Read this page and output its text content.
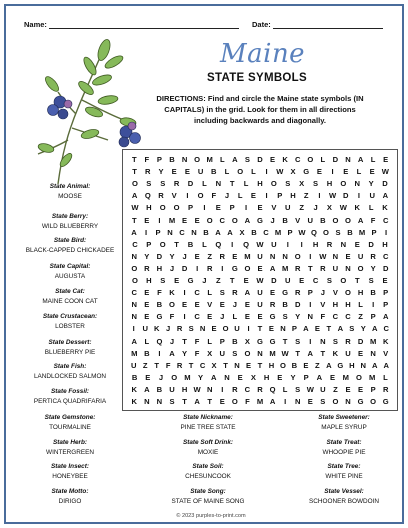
Name:	Date:
Maine
STATE SYMBOLS
DIRECTIONS: Find and circle the Maine state symbols (IN CAPITALS) in the grid. Look for them in all directions including backwards and diagonally.
T	F	P B N O M L A S D E K C O L D N A L	E
T	R	Y	E	E	U	B	L	O	L	I	W X	G	E	I	E	L	E W
O	S	S	R	D	L	N	T	L	H	O	S	X	S	H	O	N	Y	D
A Q R	V	I	O	F	J	L	E	I	P	H	Z	I	W D	I	U	A
W H	O	O	P	I	E	P	I	E	V	U	Z	J	X	W K	L	K
T	E	I	M E E O C O A G J	B V U B O O A F C
A	I	P N C N B A A X B C M P W Q O S B M P	I
C	P	O	T	B	L	Q	I	Q W U	I	I	H	R	N	E	D	H
N Y D Y	J	E	Z R E M U N N O	I	W N E U R C
O R H	J	D	I	R	I	G O E A M R T R U N O Y D
O	H	S	E	G	J	Z	T	E	W D	U	E	C	S	O	T	S	E
C E	F K	I	C L	S R A U E G R P	J	V O H B P
N E B O E E V E	J	E U R B D	I	V H H L	I	P
N E G F	I	C E	J	L	E E G S Y N F C C Z	P A
I	U K J R S N E O U	I	T E N P A E T A S Y A C
A L Q J	T	F	L	P B X G G T	S	I	N S R D M K
M B	I	A Y	F	X U S O N M W T A T K U E N V
U Z T F R T C X T N E T H O B E Z A G H N A A
B	E	J	O M Y	A	N	E	X	H	E	Y	P	A	E M O M	L
K A B U H W N	I	R C R Q L	S W U Z	E E P R
K N N S	T A T	E O F M A	I	N E S O N G O G
State Animal:
MOOSE
State Berry:
WILD BLUEBERRY
State Bird:
BLACK-CAPPED CHICKADEE
State Capital:
AUGUSTA
State Cat:
MAINE COON CAT
State Crustacean:
LOBSTER
State Dessert:
BLUEBERRY PIE
State Fish:
LANDLOCKED SALMON
State Fossil:
PERTICA QUADRIFARIA
State Gemstone:
TOURMALINE
State Herb:
WINTERGREEN
State Insect:
HONEYBEE
State Motto:
DIRIGO
State Nickname:
PINE TREE STATE
State Soft Drink:
MOXIE
State Soil:
CHESUNCOOK
State Song:
STATE OF MAINE SONG
State Sweetener:
MAPLE SYRUP
State Treat:
WHOOPIE PIE
State Tree:
WHITE PINE
State Vessel:
SCHOONER BOWDOIN
© 2023 purples-to-print.com
